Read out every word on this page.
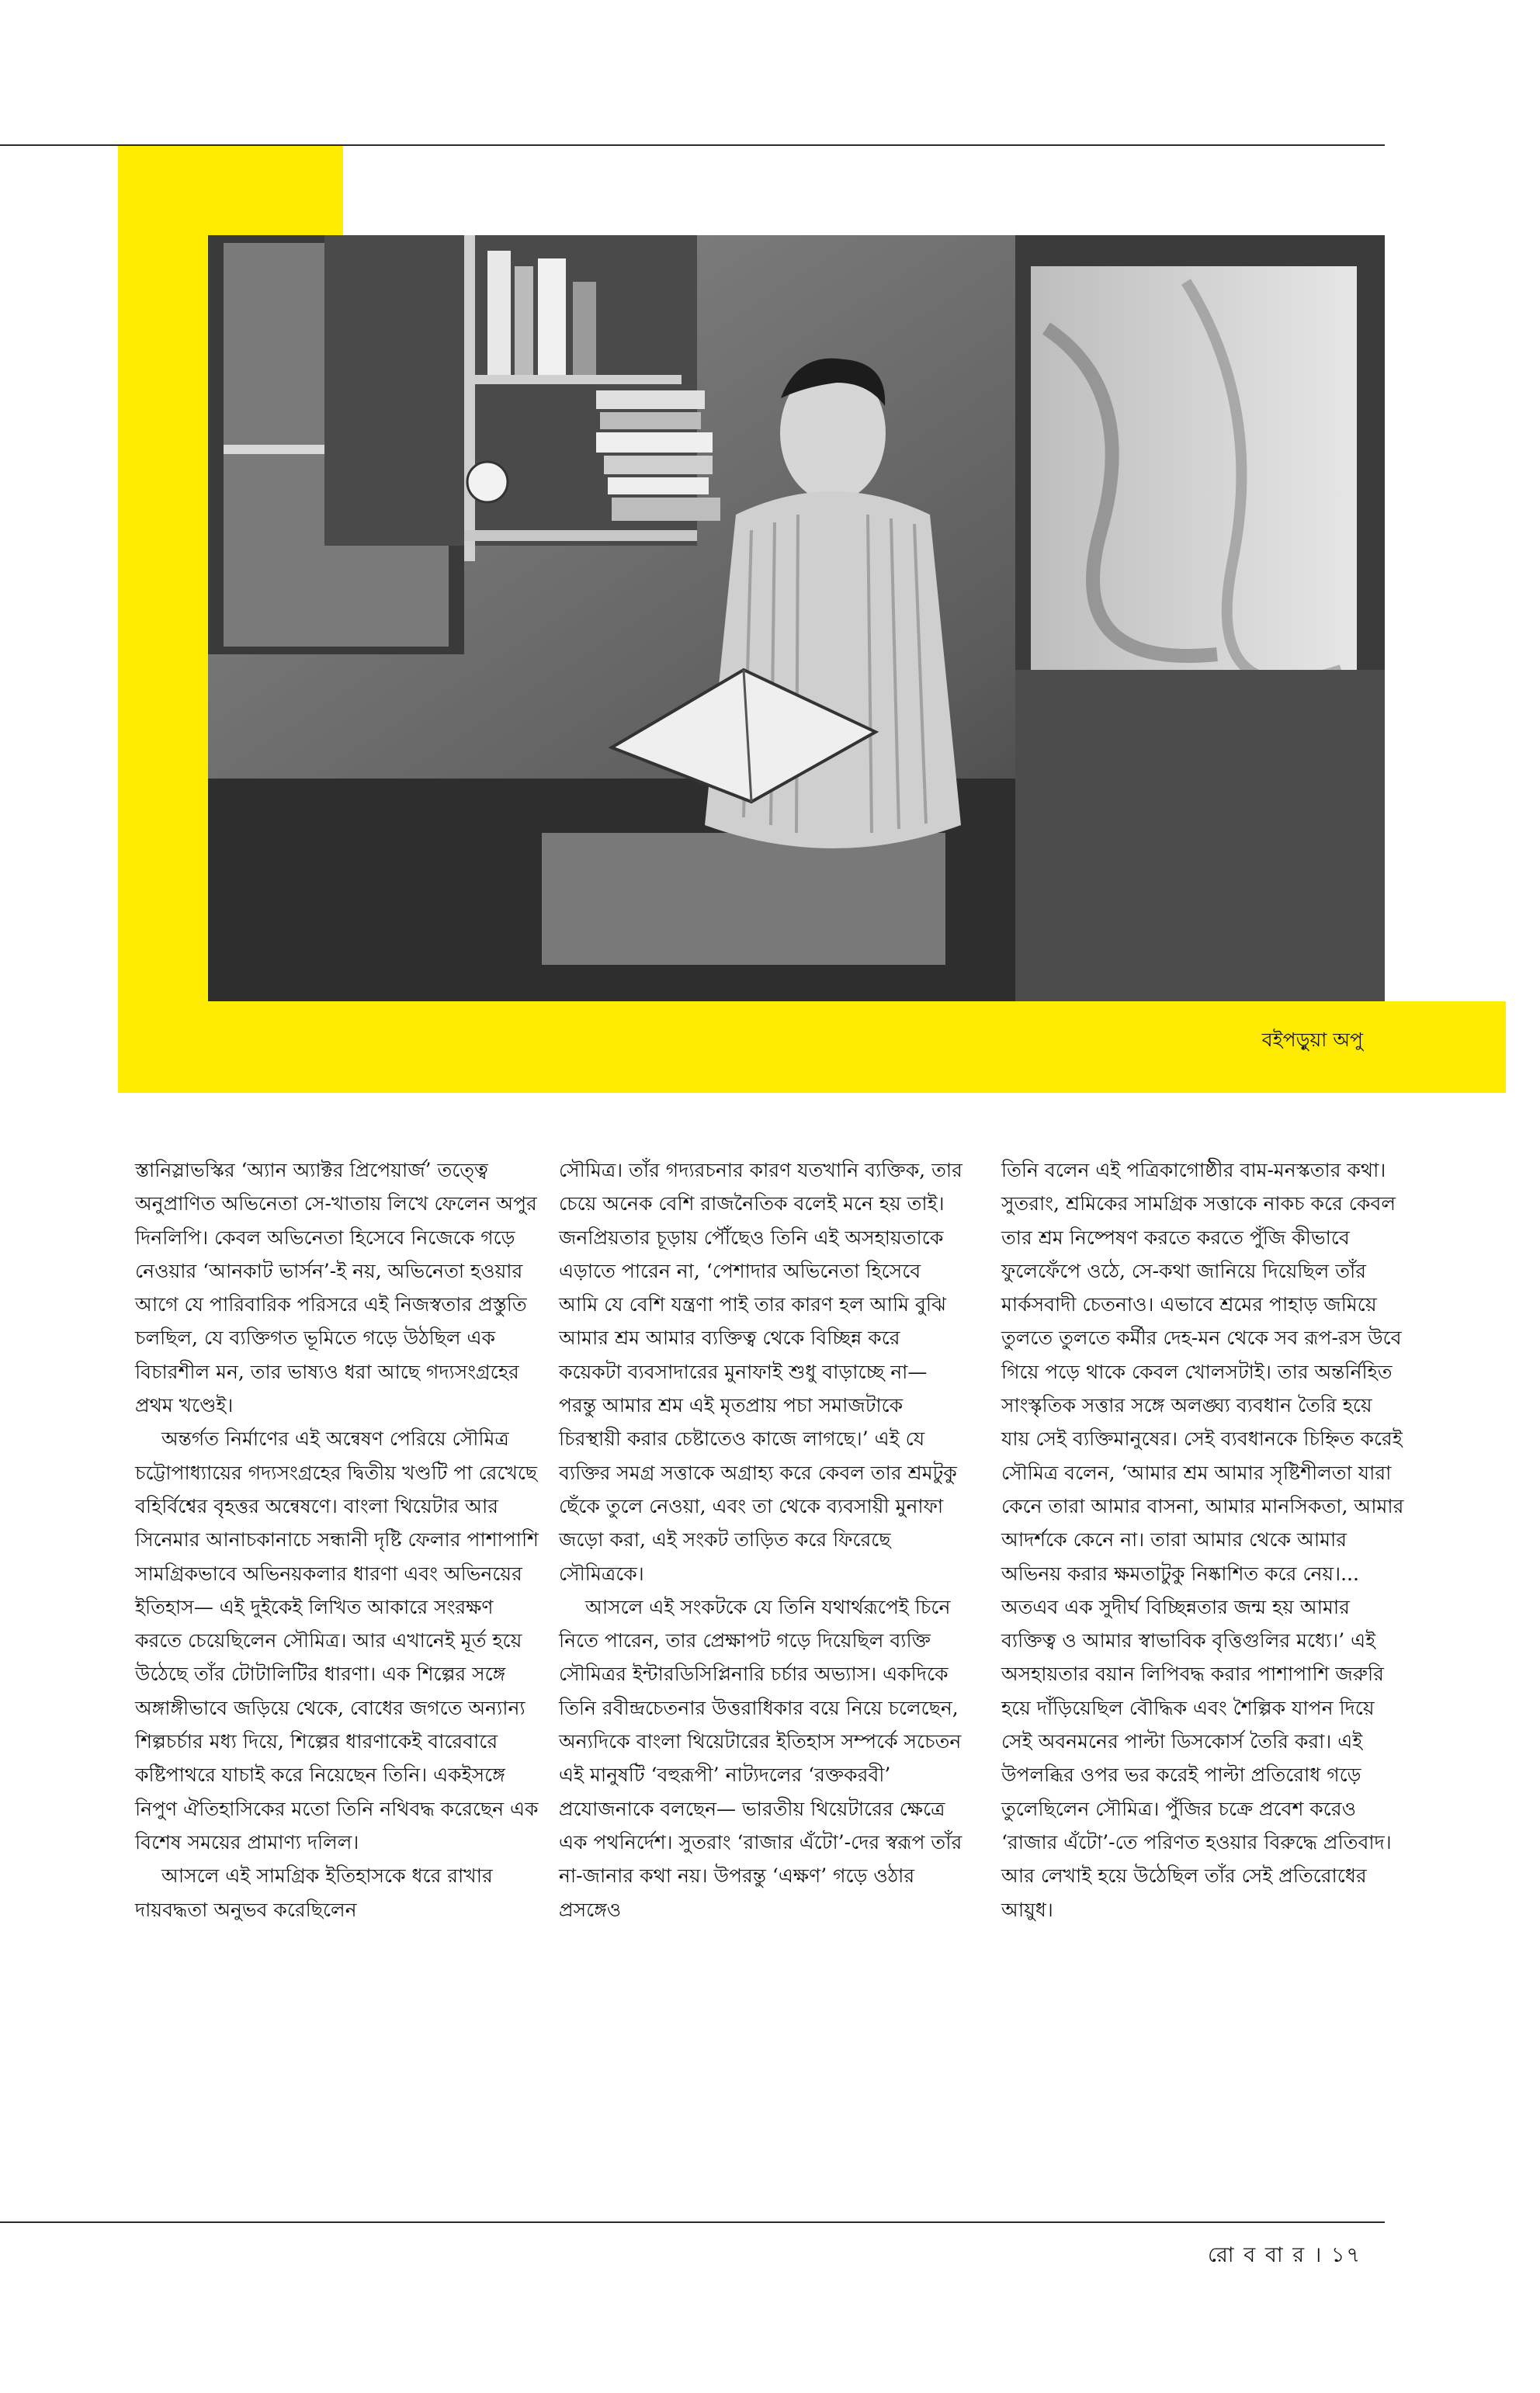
বইপড়ুয়া অপু

স্তানিস্লাভস্কির ‘অ্যান অ্যাক্টর প্রিপেয়ার্জ’ তত্ত্বে অনুপ্রাণিত অভিনেতা সে-খাতায় লিখে ফেলেন অপুর দিনলিপি। কেবল অভিনেতা হিসেবে নিজেকে গড়ে নেওয়ার ‘আনকাট ভার্সন’-ই নয়, অভিনেতা হওয়ার আগে যে পারিবারিক পরিসরে এই নিজস্বতার প্রস্তুতি চলছিল, যে ব্যক্তিগত ভূমিতে গড়ে উঠছিল এক বিচারশীল মন, তার ভাষ্যও ধরা আছে গদ্যসংগ্রহের প্রথম খণ্ডেই।

অন্তর্গত নির্মাণের এই অন্বেষণ পেরিয়ে সৌমিত্র চট্টোপাধ্যায়ের গদ্যসংগ্রহের দ্বিতীয় খণ্ডটি পা রেখেছে বহির্বিশ্বের বৃহত্তর অন্বেষণে। বাংলা থিয়েটার আর সিনেমার আনাচকানাচে সন্ধানী দৃষ্টি ফেলার পাশাপাশি সামগ্রিকভাবে অভিনয়কলার ধারণা এবং অভিনয়ের ইতিহাস— এই দুইকেই লিখিত আকারে সংরক্ষণ করতে চেয়েছিলেন সৌমিত্র। আর এখানেই মূর্ত হয়ে উঠেছে তাঁর টোটালিটির ধারণা। এক শিল্পের সঙ্গে অঙ্গাঙ্গীভাবে জড়িয়ে থেকে, বোধের জগতে অন্যান্য শিল্পচর্চার মধ্য দিয়ে, শিল্পের ধারণাকেই বারেবারে কষ্টিপাথরে যাচাই করে নিয়েছেন তিনি। একইসঙ্গে নিপুণ ঐতিহাসিকের মতো তিনি নথিবদ্ধ করেছেন এক বিশেষ সময়ের প্রামাণ্য দলিল।

আসলে এই সামগ্রিক ইতিহাসকে ধরে রাখার দায়বদ্ধতা অনুভব করেছিলেন

সৌমিত্র। তাঁর গদ্যরচনার কারণ যতখানি ব্যক্তিক, তার চেয়ে অনেক বেশি রাজনৈতিক বলেই মনে হয় তাই। জনপ্রিয়তার চূড়ায় পৌঁছেও তিনি এই অসহায়তাকে এড়াতে পারেন না, ‘পেশাদার অভিনেতা হিসেবে আমি যে বেশি যন্ত্রণা পাই তার কারণ হল আমি বুঝি আমার শ্রম আমার ব্যক্তিত্ব থেকে বিচ্ছিন্ন করে কয়েকটা ব্যবসাদারের মুনাফাই শুধু বাড়াচ্ছে না— পরন্তু আমার শ্রম এই মৃতপ্রায় পচা সমাজটাকে চিরস্থায়ী করার চেষ্টাতেও কাজে লাগছে।’ এই যে ব্যক্তির সমগ্র সত্তাকে অগ্রাহ্য করে কেবল তার শ্রমটুকু ছেঁকে তুলে নেওয়া, এবং তা থেকে ব্যবসায়ী মুনাফা জড়ো করা, এই সংকট তাড়িত করে ফিরেছে সৌমিত্রকে।

আসলে এই সংকটকে যে তিনি যথার্থরূপেই চিনে নিতে পারেন, তার প্রেক্ষাপট গড়ে দিয়েছিল ব্যক্তি সৌমিত্রর ইন্টারডিসিপ্লিনারি চর্চার অভ্যাস। একদিকে তিনি রবীন্দ্রচেতনার উত্তরাধিকার বয়ে নিয়ে চলেছেন, অন্যদিকে বাংলা থিয়েটারের ইতিহাস সম্পর্কে সচেতন এই মানুষটি ‘বহুরূপী’ নাট্যদলের ‘রক্তকরবী’ প্রযোজনাকে বলছেন— ভারতীয় থিয়েটারের ক্ষেত্রে এক পথনির্দেশ। সুতরাং ‘রাজার এঁটো’-দের স্বরূপ তাঁর না-জানার কথা নয়। উপরন্তু ‘এক্ষণ’ গড়ে ওঠার প্রসঙ্গেও

তিনি বলেন এই পত্রিকাগোষ্ঠীর বাম-মনস্কতার কথা। সুতরাং, শ্রমিকের সামগ্রিক সত্তাকে নাকচ করে কেবল তার শ্রম নিষ্পেষণ করতে করতে পুঁজি কীভাবে ফুলেফেঁপে ওঠে, সে-কথা জানিয়ে দিয়েছিল তাঁর মার্কসবাদী চেতনাও। এভাবে শ্রমের পাহাড় জমিয়ে তুলতে তুলতে কর্মীর দেহ-মন থেকে সব রূপ-রস উবে গিয়ে পড়ে থাকে কেবল খোলসটাই। তার অন্তর্নিহিত সাংস্কৃতিক সত্তার সঙ্গে অলঙ্ঘ্য ব্যবধান তৈরি হয়ে যায় সেই ব্যক্তিমানুষের। সেই ব্যবধানকে চিহ্নিত করেই সৌমিত্র বলেন, ‘আমার শ্রম আমার সৃষ্টিশীলতা যারা কেনে তারা আমার বাসনা, আমার মানসিকতা, আমার আদর্শকে কেনে না। তারা আমার থেকে আমার অভিনয় করার ক্ষমতাটুকু নিষ্কাশিত করে নেয়।... অতএব এক সুদীর্ঘ বিচ্ছিন্নতার জন্ম হয় আমার ব্যক্তিত্ব ও আমার স্বাভাবিক বৃত্তিগুলির মধ্যে।’ এই অসহায়তার বয়ান লিপিবদ্ধ করার পাশাপাশি জরুরি হয়ে দাঁড়িয়েছিল বৌদ্ধিক এবং শৈল্পিক যাপন দিয়ে সেই অবনমনের পাল্টা ডিসকোর্স তৈরি করা। এই উপলব্ধির ওপর ভর করেই পাল্টা প্রতিরোধ গড়ে তুলেছিলেন সৌমিত্র। পুঁজির চক্রে প্রবেশ করেও ‘রাজার এঁটো’-তে পরিণত হওয়ার বিরুদ্ধে প্রতিবাদ। আর লেখাই হয়ে উঠেছিল তাঁর সেই প্রতিরোধের আয়ুধ।

রো ব বা র । ১৭
